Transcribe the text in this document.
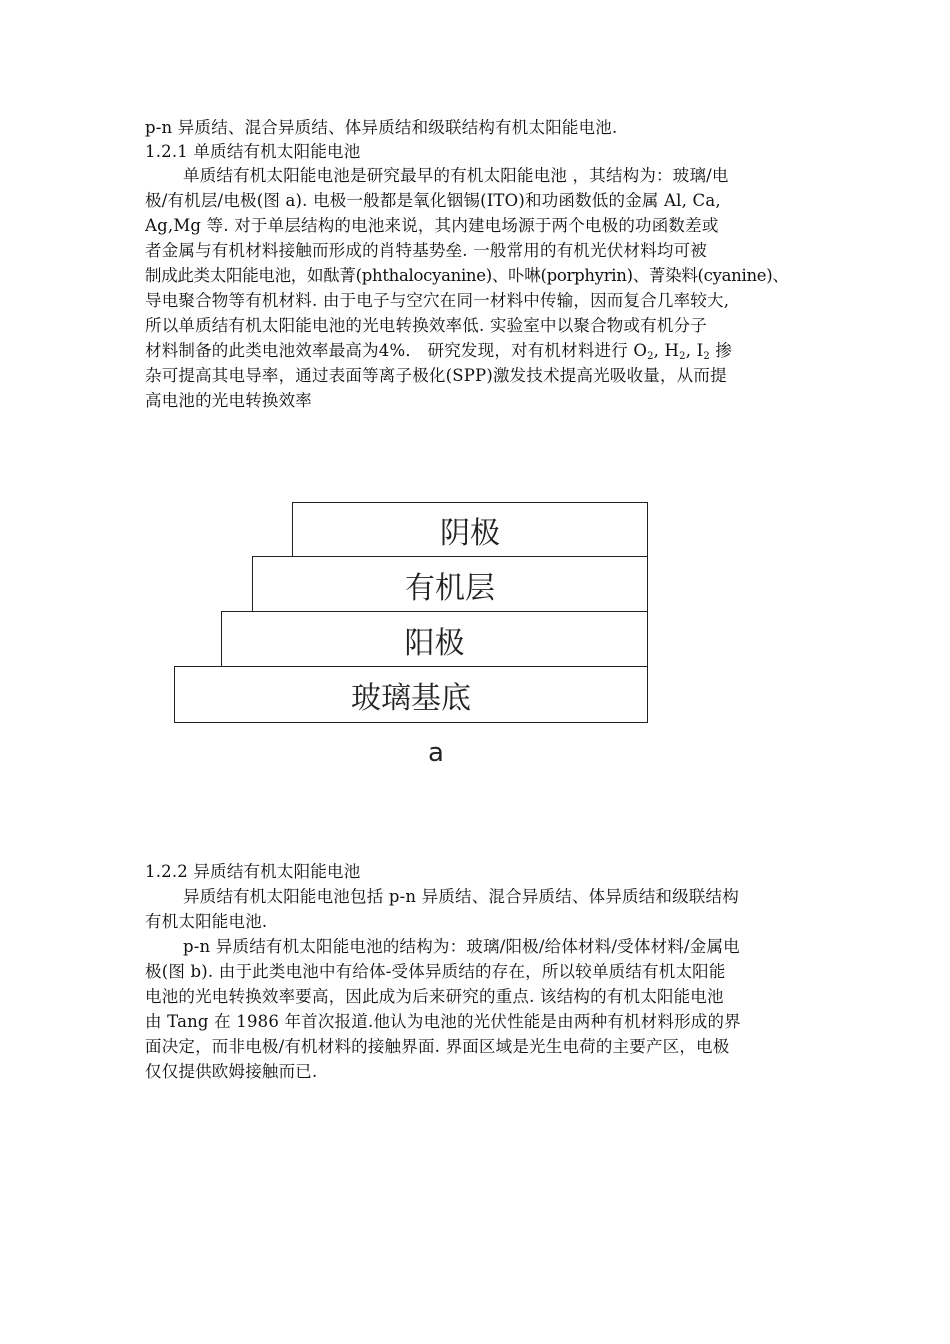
p-n 异质结、混合异质结、体异质结和级联结构有机太阳能电池.
1.2.1 单质结有机太阳能电池
单质结有机太阳能电池是研究最早的有机太阳能电池 ，其结构为：玻璃/电
极/有机层/电极(图 a). 电极一般都是氧化铟锡(ITO)和功函数低的金属 Al, Ca,
Ag,Mg 等. 对于单层结构的电池来说，其内建电场源于两个电极的功函数差或
者金属与有机材料接触而形成的肖特基势垒. 一般常用的有机光伏材料均可被
制成此类太阳能电池，如酞菁(phthalocyanine)、卟啉(porphyrin)、菁染料(cyanine)、
导电聚合物等有机材料. 由于电子与空穴在同一材料中传输，因而复合几率较大,
所以单质结有机太阳能电池的光电转换效率低. 实验室中以聚合物或有机分子
材料制备的此类电池效率最高为4%． 研究发现，对有机材料进行 $O_2$, $H_2$, $I_2$ 掺
杂可提高其电导率，通过表面等离子极化(SPP)激发技术提高光吸收量，从而提
高电池的光电转换效率
阴极
有机层
阳极
玻璃基底
a
1.2.2 异质结有机太阳能电池
异质结有机太阳能电池包括 p-n 异质结、混合异质结、体异质结和级联结构
有机太阳能电池.
p-n 异质结有机太阳能电池的结构为：玻璃/阳极/给体材料/受体材料/金属电
极(图 b). 由于此类电池中有给体-受体异质结的存在，所以较单质结有机太阳能
电池的光电转换效率要高，因此成为后来研究的重点. 该结构的有机太阳能电池
由 Tang 在 1986 年首次报道.他认为电池的光伏性能是由两种有机材料形成的界
面决定，而非电极/有机材料的接触界面. 界面区域是光生电荷的主要产区，电极
仅仅提供欧姆接触而已.
